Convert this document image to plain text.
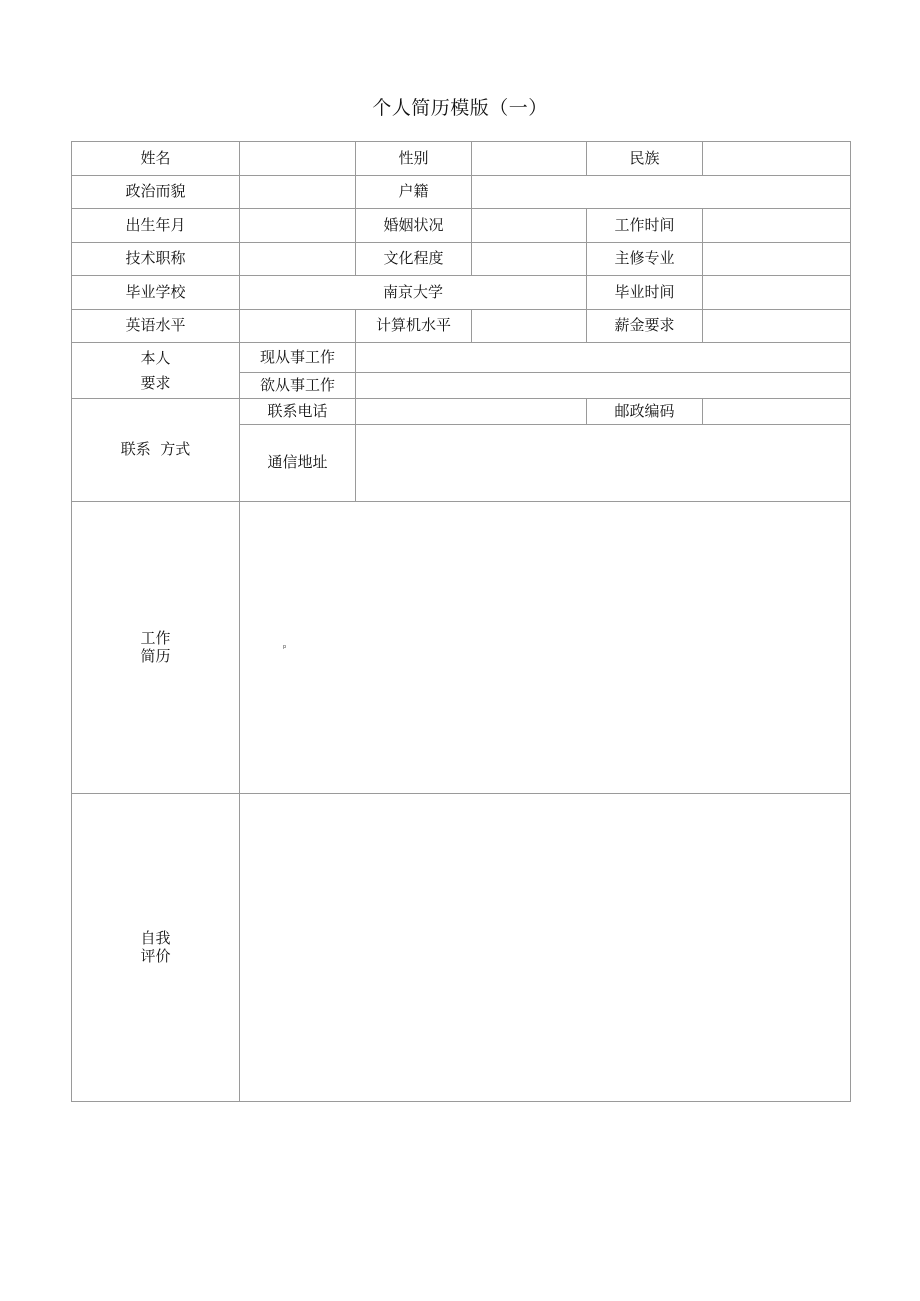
个人简历模版（一）
姓名		性别		民族	
政治而貌		户籍			
出生年月		婚姻状况		工作时间	
技术职称		文化程度		主修专业	
毕业学校	南京大学			毕业时间	
英语水平		计算机水平		薪金要求	

本人
要求	现从事工作				
	欲从事工作				
联系  方式	联系电话			邮政编码	
	通信地址				

工作
简历					

自我
评价					

p
